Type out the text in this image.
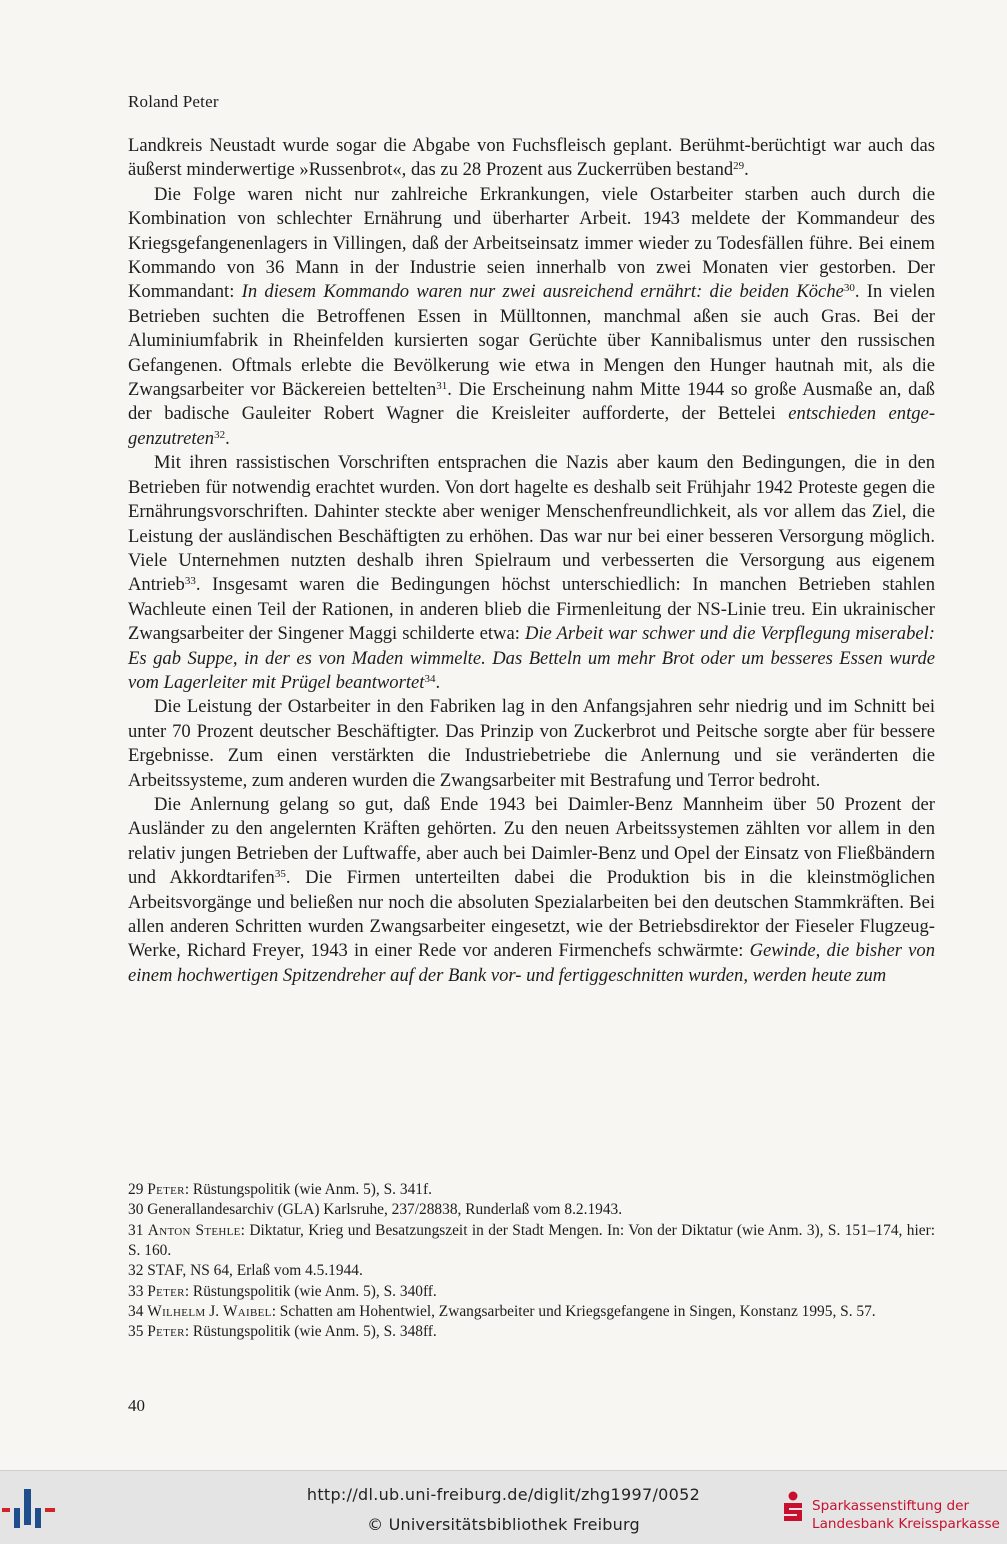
Roland Peter

Landkreis Neustadt wurde sogar die Abgabe von Fuchsfleisch geplant. Berühmt-berüchtigt war auch das äußerst minderwertige »Russenbrot«, das zu 28 Prozent aus Zuckerrüben bestand$^{29}$.

Die Folge waren nicht nur zahlreiche Erkrankungen, viele Ostarbeiter starben auch durch die Kombination von schlechter Ernährung und überharter Arbeit. 1943 meldete der Kommandeur des Kriegsgefangenenlagers in Villingen, daß der Arbeitseinsatz immer wieder zu Todesfällen führe. Bei einem Kommando von 36 Mann in der Industrie seien innerhalb von zwei Monaten vier gestorben. Der Kommandant: In diesem Kommando waren nur zwei ausreichend ernährt: die beiden Köche$^{30}$. In vielen Betrieben suchten die Betroffenen Essen in Mülltonnen, manchmal aßen sie auch Gras. Bei der Aluminiumfabrik in Rheinfelden kursierten sogar Gerüchte über Kannibalismus unter den russischen Gefangenen. Oftmals erlebte die Bevölkerung wie etwa in Mengen den Hunger hautnah mit, als die Zwangsarbeiter vor Bäckereien bettelten$^{31}$. Die Erscheinung nahm Mitte 1944 so große Ausmaße an, daß der badische Gauleiter Robert Wagner die Kreisleiter aufforderte, der Bettelei entschieden entgegenzutreten$^{32}$.

Mit ihren rassistischen Vorschriften entsprachen die Nazis aber kaum den Bedingungen, die in den Betrieben für notwendig erachtet wurden. Von dort hagelte es deshalb seit Frühjahr 1942 Proteste gegen die Ernährungsvorschriften. Dahinter steckte aber weniger Menschenfreundlichkeit, als vor allem das Ziel, die Leistung der ausländischen Beschäftigten zu erhöhen. Das war nur bei einer besseren Versorgung möglich. Viele Unternehmen nutzten deshalb ihren Spielraum und verbesserten die Versorgung aus eigenem Antrieb$^{33}$. Insgesamt waren die Bedingungen höchst unterschiedlich: In manchen Betrieben stahlen Wachleute einen Teil der Rationen, in anderen blieb die Firmenleitung der NS-Linie treu. Ein ukrainischer Zwangsarbeiter der Singener Maggi schilderte etwa: Die Arbeit war schwer und die Verpflegung miserabel: Es gab Suppe, in der es von Maden wimmelte. Das Betteln um mehr Brot oder um besseres Essen wurde vom Lagerleiter mit Prügel beantwortet$^{34}$.

Die Leistung der Ostarbeiter in den Fabriken lag in den Anfangsjahren sehr niedrig und im Schnitt bei unter 70 Prozent deutscher Beschäftigter. Das Prinzip von Zuckerbrot und Peitsche sorgte aber für bessere Ergebnisse. Zum einen verstärkten die Industriebetriebe die Anlernung und sie veränderten die Arbeitssysteme, zum anderen wurden die Zwangsarbeiter mit Bestrafung und Terror bedroht.

Die Anlernung gelang so gut, daß Ende 1943 bei Daimler-Benz Mannheim über 50 Prozent der Ausländer zu den angelernten Kräften gehörten. Zu den neuen Arbeitssystemen zählten vor allem in den relativ jungen Betrieben der Luftwaffe, aber auch bei Daimler-Benz und Opel der Einsatz von Fließbändern und Akkordtarifen$^{35}$. Die Firmen unterteilten dabei die Produktion bis in die kleinstmöglichen Arbeitsvorgänge und beließen nur noch die absoluten Spezialarbeiten bei den deutschen Stammkräften. Bei allen anderen Schritten wurden Zwangsarbeiter eingesetzt, wie der Betriebsdirektor der Fieseler Flugzeug-Werke, Richard Freyer, 1943 in einer Rede vor anderen Firmenchefs schwärmte: Gewinde, die bisher von einem hochwertigen Spitzendreher auf der Bank vor- und fertiggeschnitten wurden, werden heute zum

29 Peter: Rüstungspolitik (wie Anm. 5), S. 341f.
30 Generallandesarchiv (GLA) Karlsruhe, 237/28838, Runderlaß vom 8.2.1943.
31 Anton Stehle: Diktatur, Krieg und Besatzungszeit in der Stadt Mengen. In: Von der Diktatur (wie Anm. 3), S. 151–174, hier: S. 160.
32 STAF, NS 64, Erlaß vom 4.5.1944.
33 Peter: Rüstungspolitik (wie Anm. 5), S. 340ff.
34 Wilhelm J. Waibel: Schatten am Hohentwiel, Zwangsarbeiter und Kriegsgefangene in Singen, Konstanz 1995, S. 57.
35 Peter: Rüstungspolitik (wie Anm. 5), S. 348ff.
40
http://dl.ub.uni-freiburg.de/diglit/zhg1997/0052
© Universitätsbibliothek Freiburg
Sparkassenstiftung der
Landesbank Kreissparkasse
